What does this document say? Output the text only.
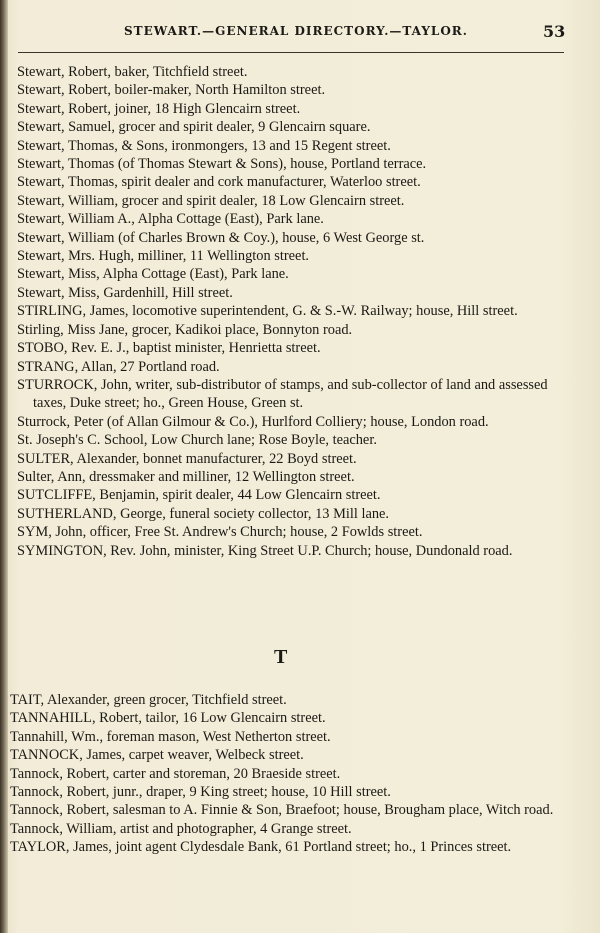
STEWART.—GENERAL DIRECTORY.—TAYLOR.	53

Stewart, Robert, baker, Titchfield street.

Stewart, Robert, boiler-maker, North Hamilton street.

Stewart, Robert, joiner, 18 High Glencairn street.

Stewart, Samuel, grocer and spirit dealer, 9 Glencairn square.

Stewart, Thomas, & Sons, ironmongers, 13 and 15 Regent street.

Stewart, Thomas (of Thomas Stewart & Sons), house, Portland terrace.

Stewart, Thomas, spirit dealer and cork manufacturer, Waterloo street.

Stewart, William, grocer and spirit dealer, 18 Low Glencairn street.

Stewart, William A., Alpha Cottage (East), Park lane.

Stewart, William (of Charles Brown & Coy.), house, 6 West George st.

Stewart, Mrs. Hugh, milliner, 11 Wellington street.

Stewart, Miss, Alpha Cottage (East), Park lane.

Stewart, Miss, Gardenhill, Hill street.

STIRLING, James, locomotive superintendent, G. & S.-W. Railway; house, Hill street.

Stirling, Miss Jane, grocer, Kadikoi place, Bonnyton road.

STOBO, Rev. E. J., baptist minister, Henrietta street.

STRANG, Allan, 27 Portland road.

STURROCK, John, writer, sub-distributor of stamps, and sub-collector of land and assessed taxes, Duke street; ho., Green House, Green st.

Sturrock, Peter (of Allan Gilmour & Co.), Hurlford Colliery; house, London road.

St. Joseph's C. School, Low Church lane; Rose Boyle, teacher.

SULTER, Alexander, bonnet manufacturer, 22 Boyd street.

Sulter, Ann, dressmaker and milliner, 12 Wellington street.

SUTCLIFFE, Benjamin, spirit dealer, 44 Low Glencairn street.

SUTHERLAND, George, funeral society collector, 13 Mill lane.

SYM, John, officer, Free St. Andrew's Church; house, 2 Fowlds street.

SYMINGTON, Rev. John, minister, King Street U.P. Church; house, Dundonald road.

T

TAIT, Alexander, green grocer, Titchfield street.

TANNAHILL, Robert, tailor, 16 Low Glencairn street.

Tannahill, Wm., foreman mason, West Netherton street.

TANNOCK, James, carpet weaver, Welbeck street.

Tannock, Robert, carter and storeman, 20 Braeside street.

Tannock, Robert, junr., draper, 9 King street; house, 10 Hill street.

Tannock, Robert, salesman to A. Finnie & Son, Braefoot; house, Brougham place, Witch road.

Tannock, William, artist and photographer, 4 Grange street.

TAYLOR, James, joint agent Clydesdale Bank, 61 Portland street; ho., 1 Princes street.
